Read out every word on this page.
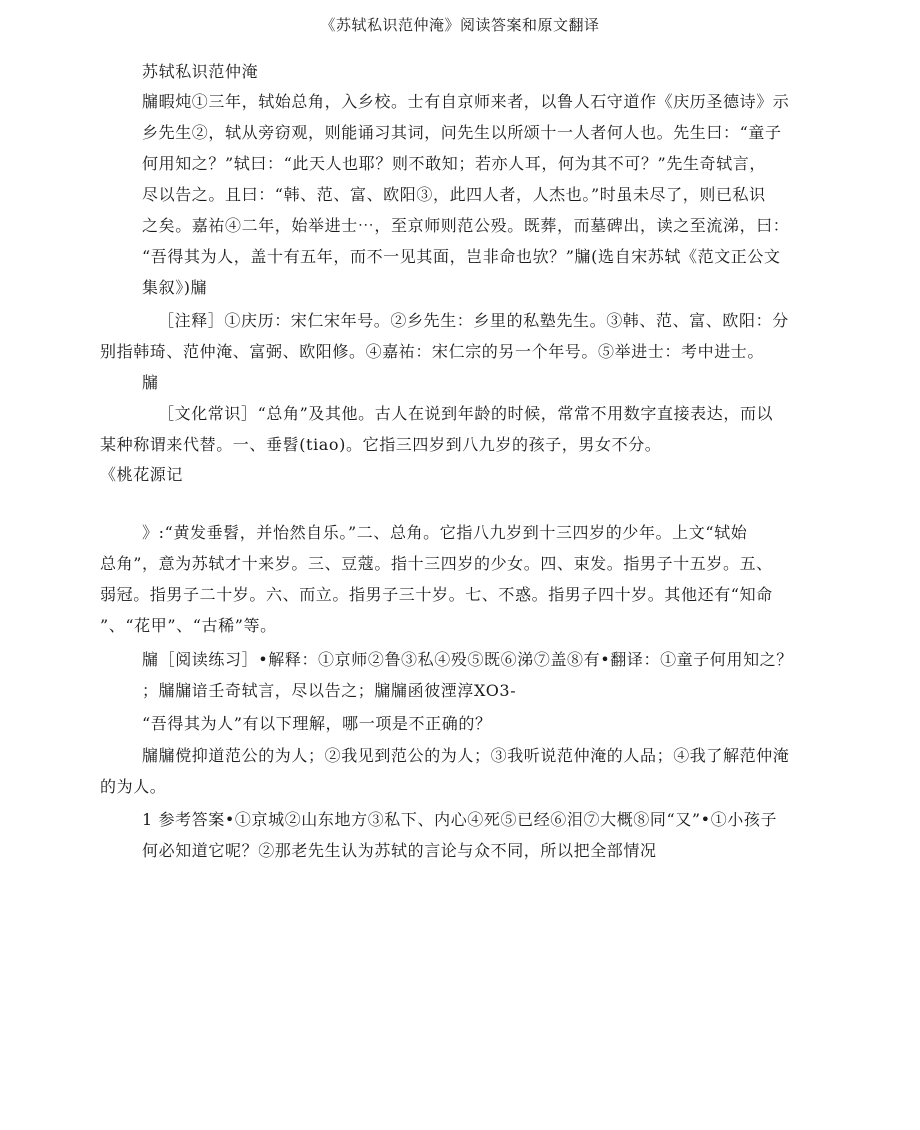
《苏轼私识范仲淹》阅读答案和原文翻译
苏轼私识范仲淹
牖暇炖①三年，轼始总角，入乡校。士有自京师来者，以鲁人石守道作《庆历圣德诗》示
乡先生②，轼从旁窃观，则能诵习其词，问先生以所颂十一人者何人也。先生曰：“童子
何用知之？”轼曰：“此天人也耶？则不敢知；若亦人耳，何为其不可？”先生奇轼言，
尽以告之。且曰：“韩、范、富、欧阳③，此四人者，人杰也。”时虽未尽了，则已私识
之矣。嘉祐④二年，始举进士⋯，至京师则范公殁。既葬，而墓碑出，读之至流涕，曰：
“吾得其为人，盖十有五年，而不一见其面，岂非命也欤？”牖(选自宋苏轼《范文正公文
集叙》)牖
［注释］①庆历：宋仁宋年号。②乡先生：乡里的私塾先生。③韩、范、富、欧阳：分
别指韩琦、范仲淹、富弼、欧阳修。④嘉祐：宋仁宗的另一个年号。⑤举进士：考中进士。
牖
［文化常识］“总角”及其他。古人在说到年龄的时候，常常不用数字直接表达，而以
某种称谓来代替。一、垂髫(tiao)。它指三四岁到八九岁的孩子，男女不分。
《桃花源记
》:“黄发垂髫，并怡然自乐。”二、总角。它指八九岁到十三四岁的少年。上文“轼始
总角”，意为苏轼才十来岁。三、豆蔻。指十三四岁的少女。四、束发。指男子十五岁。五、
弱冠。指男子二十岁。六、而立。指男子三十岁。七、不惑。指男子四十岁。其他还有“知命
”、“花甲”、“古稀”等。
牖［阅读练习］•解释：①京师②鲁③私④殁⑤既⑥涕⑦盖⑧有•翻译：①童子何用知之？
；牖牖谙壬奇轼言，尽以告之；牖牖函彼湮淳XO3-
“吾得其为人”有以下理解，哪一项是不正确的？
牖牖傥抑道范公的为人；②我见到范公的为人；③我听说范仲淹的人品；④我了解范仲淹
的为人。
1 参考答案•①京城②山东地方③私下、内心④死⑤已经⑥泪⑦大概⑧同“又”•①小孩子
何必知道它呢？②那老先生认为苏轼的言论与众不同，所以把全部情况
